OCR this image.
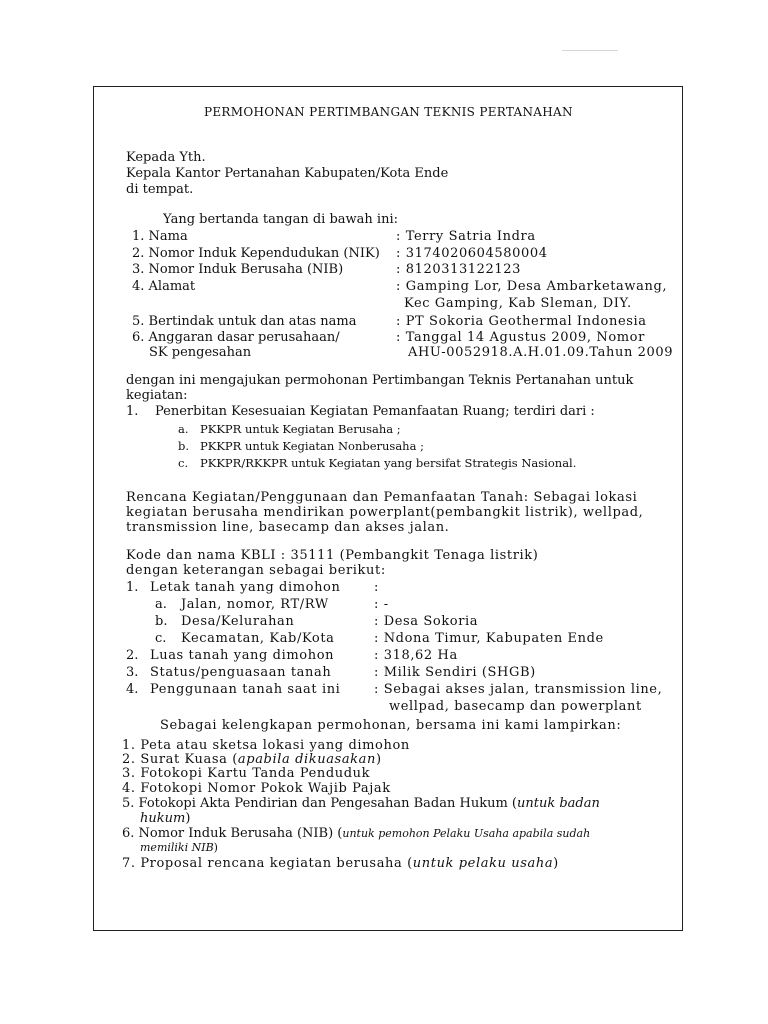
PERMOHONAN PERTIMBANGAN TEKNIS PERTANAHAN
Kepada Yth.
Kepala Kantor Pertanahan Kabupaten/Kota Ende
di tempat.
Yang bertanda tangan di bawah ini:
1. Nama	: Terry Satria Indra
2. Nomor Induk Kependudukan (NIK) : 3174020604580004
3. Nomor Induk Berusaha (NIB)	: 8120313122123
4. Alamat	: Gamping Lor, Desa Ambarketawang,
Kec Gamping, Kab Sleman, DIY.
5. Bertindak untuk dan atas nama	: PT Sokoria Geothermal Indonesia
6. Anggaran dasar perusahaan/
SK pengesahan
: Tanggal 14 Agustus 2009, Nomor
AHU-0052918.A.H.01.09.Tahun 2009
dengan ini mengajukan permohonan Pertimbangan Teknis Pertanahan untuk
kegiatan:
1. Penerbitan Kesesuaian Kegiatan Pemanfaatan Ruang; terdiri dari :
a. PKKPR untuk Kegiatan Berusaha ;
b. PKKPR untuk Kegiatan Nonberusaha ;
c. PKKPR/RKKPR untuk Kegiatan yang bersifat Strategis Nasional.
Rencana Kegiatan/Penggunaan dan Pemanfaatan Tanah: Sebagai lokasi
kegiatan berusaha mendirikan powerplant(pembangkit listrik), wellpad,
transmission line, basecamp dan akses jalan.
Kode dan nama KBLI : 35111 (Pembangkit Tenaga listrik)
dengan keterangan sebagai berikut:
1. Letak tanah yang dimohon	:
a. Jalan, nomor, RT/RW	: -
b. Desa/Kelurahan	: Desa Sokoria
c. Kecamatan, Kab/Kota	: Ndona Timur, Kabupaten Ende
2. Luas tanah yang dimohon	: 318,62 Ha
3. Status/penguasaan tanah	: Milik Sendiri (SHGB)
4. Penggunaan tanah saat ini	: Sebagai akses jalan, transmission line,
wellpad, basecamp dan powerplant
Sebagai kelengkapan permohonan, bersama ini kami lampirkan:
1. Peta atau sketsa lokasi yang dimohon
2. Surat Kuasa (apabila dikuasakan)
3. Fotokopi Kartu Tanda Penduduk
4. Fotokopi Nomor Pokok Wajib Pajak
5. Fotokopi Akta Pendirian dan Pengesahan Badan Hukum (untuk badan
hukum)
6. Nomor Induk Berusaha (NIB) (untuk pemohon Pelaku Usaha apabila sudah
memiliki NIB)
7. Proposal rencana kegiatan berusaha (untuk pelaku usaha)
